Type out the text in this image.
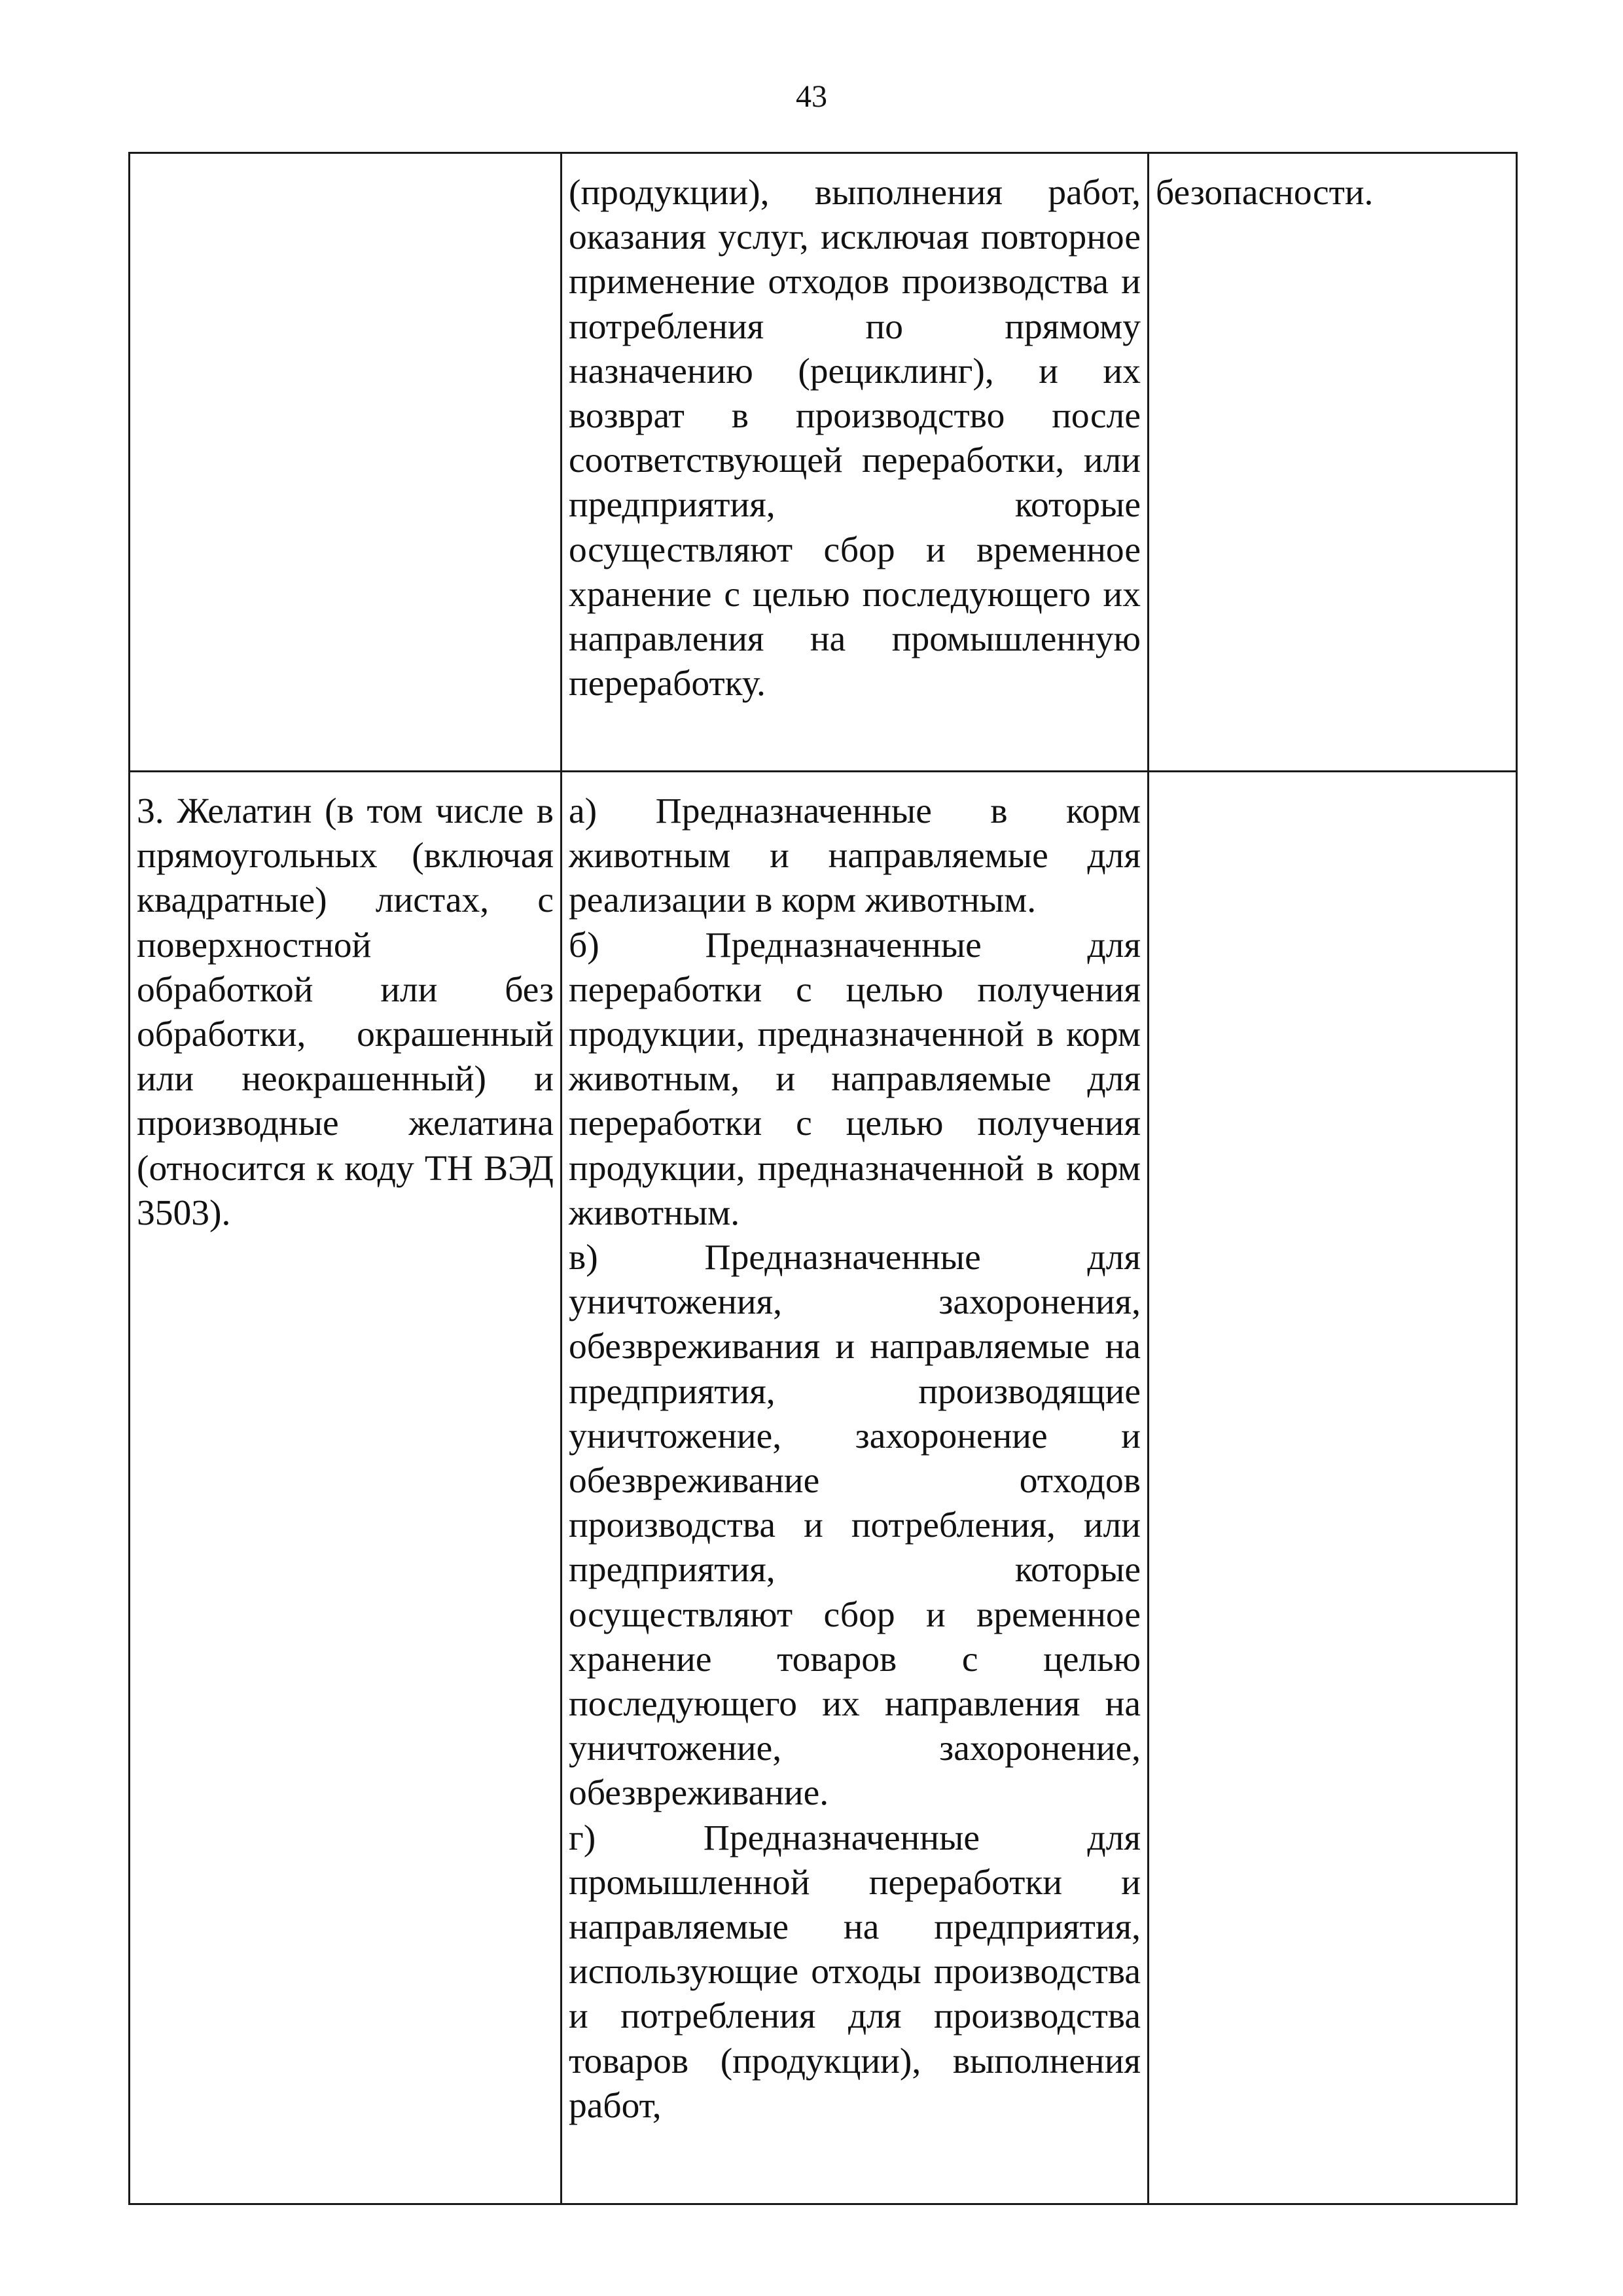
43
	(продукции), выполнения работ, оказания услуг, исключая повторное применение отходов производства и потребления по прямому назначению (рециклинг), и их возврат в производство после соответствующей переработки, или предприятия, которые осуществляют сбор и временное хранение с целью последующего их направления на промышленную переработку.	безопасности.
3. Желатин (в том числе в прямоугольных (включая квадратные) листах, с поверхностной обработкой или без обработки, окрашенный или неокрашенный) и производные желатина (относится к коду ТН ВЭД 3503).	а) Предназначенные в корм животным и направляемые для реализации в корм животным.
б) Предназначенные для переработки с целью получения продукции, предназначенной в корм животным, и направляемые для переработки с целью получения продукции, предназначенной в корм животным.
в) Предназначенные для уничтожения, захоронения, обезвреживания и направляемые на предприятия, производящие уничтожение, захоронение и обезвреживание отходов производства и потребления, или предприятия, которые осуществляют сбор и временное хранение товаров с целью последующего их направления на уничтожение, захоронение, обезвреживание.
г) Предназначенные для промышленной переработки и направляемые на предприятия, использующие отходы производства и потребления для производства товаров (продукции), выполнения работ,	
